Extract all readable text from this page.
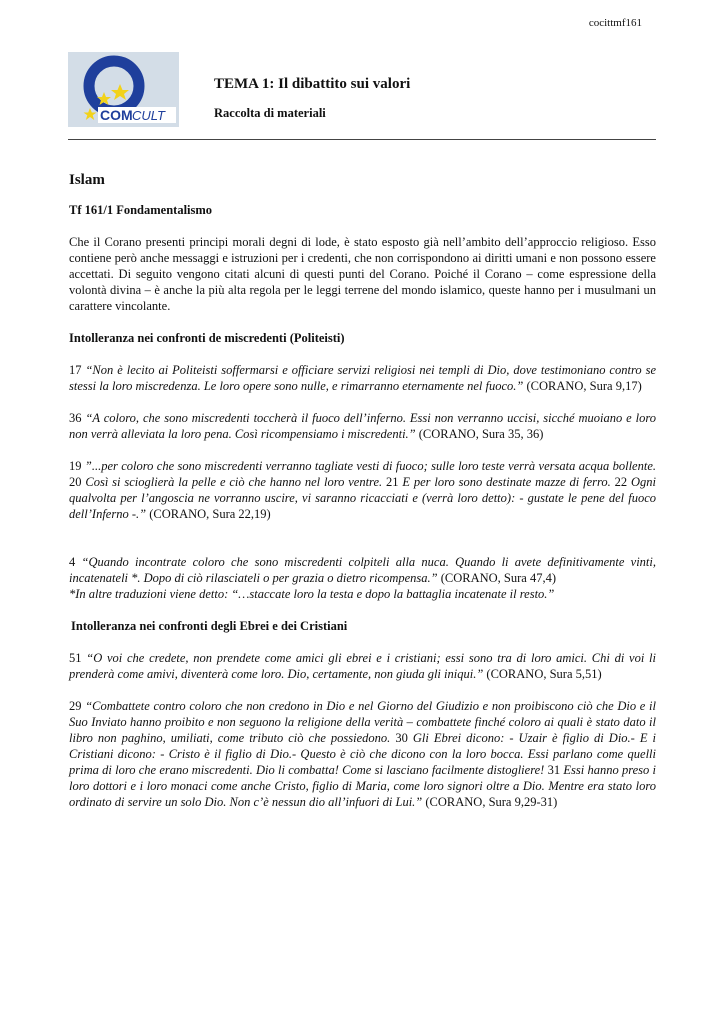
cocittmf161
COM CULT
TEMA 1: Il dibattito sui valori
Raccolta di materiali
Islam
Tf 161/1 Fondamentalismo

Che il Corano presenti principi morali degni di lode, è stato esposto già nell’ambito dell’approccio religioso. Esso contiene però anche messaggi e istruzioni per i credenti, che non corrispondono ai diritti umani e non possono essere accettati. Di seguito vengono citati alcuni di questi punti del Corano. Poiché il Corano – come espressione della volontà divina – è anche la più alta regola per le leggi terrene del mondo islamico, queste hanno per i musulmani un carattere vincolante.

Intolleranza nei confronti de miscredenti (Politeisti)

17 “Non è lecito ai Politeisti soffermarsi e officiare servizi religiosi nei templi di Dio, dove testimoniano contro se stessi la loro miscredenza. Le loro opere sono nulle, e rimarranno eternamente nel fuoco.” (CORANO, Sura 9,17)

36 “A coloro, che sono miscredenti toccherà il fuoco dell’inferno. Essi non verranno uccisi, sicché muoiano e loro non verrà alleviata la loro pena. Così ricompensiamo i miscredenti.” (CORANO, Sura 35, 36)

19 ”...per coloro che sono miscredenti verranno tagliate vesti di fuoco; sulle loro teste verrà versata acqua bollente. 20 Così si scioglierà la pelle e ciò che hanno nel loro ventre. 21 E per loro sono destinate mazze di ferro. 22 Ogni qualvolta per l’angoscia ne vorranno uscire, vi saranno ricacciati e (verrà loro detto): - gustate le pene del fuoco dell’Inferno -.” (CORANO, Sura 22,19)

4 “Quando incontrate coloro che sono miscredenti colpiteli alla nuca. Quando li avete definitivamente vinti, incatenateli *. Dopo di ciò rilasciateli o per grazia o dietro ricompensa.” (CORANO, Sura 47,4)
*In altre traduzioni viene detto: “…staccate loro la testa e dopo la battaglia incatenate il resto.”

Intolleranza nei confronti degli Ebrei e dei Cristiani

51 “O voi che credete, non prendete come amici gli ebrei e i cristiani; essi sono tra di loro amici. Chi di voi li prenderà come amivi, diventerà come loro. Dio, certamente, non giuda gli iniqui.” (CORANO, Sura 5,51)

29 “Combattete contro coloro che non credono in Dio e nel Giorno del Giudizio e non proibiscono ciò che Dio e il Suo Inviato hanno proibito e non seguono la religione della verità – combattete finché coloro ai quali è stato dato il libro non paghino, umiliati, come tributo ciò che possiedono. 30 Gli Ebrei dicono: - Uzair è figlio di Dio.- E i Cristiani dicono: - Cristo è il figlio di Dio.- Questo è ciò che dicono con la loro bocca. Essi parlano come quelli prima di loro che erano miscredenti. Dio li combatta! Come si lasciano facilmente distogliere! 31 Essi hanno preso i loro dottori e i loro monaci come anche Cristo, figlio di Maria, come loro signori oltre a Dio. Mentre era stato loro ordinato di servire un solo Dio. Non c’è nessun dio all’infuori di Lui.” (CORANO, Sura 9,29-31)
